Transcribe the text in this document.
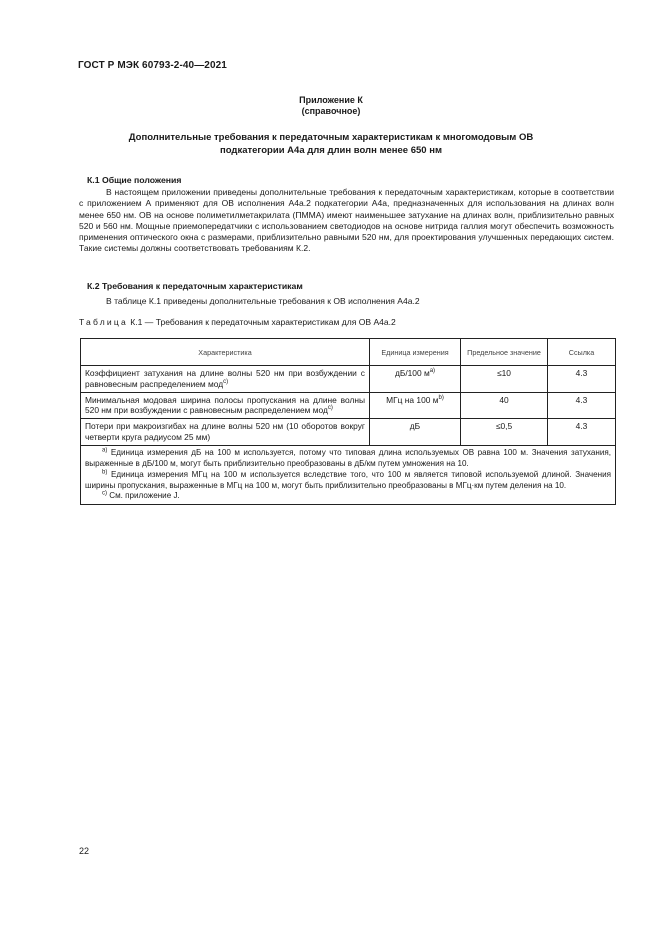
ГОСТ Р МЭК 60793-2-40—2021
Приложение К
(справочное)
Дополнительные требования к передаточным характеристикам к многомодовым ОВ
подкатегории А4а для длин волн менее 650 нм
К.1 Общие положения
В настоящем приложении приведены дополнительные требования к передаточным характеристикам, которые в соответствии с приложением А применяют для ОВ исполнения А4а.2 подкатегории А4а, предназначенных для использования на длинах волн менее 650 нм. ОВ на основе полиметилметакрилата (ПММА) имеют наименьшее затухание на длинах волн, приблизительно равных 520 и 560 нм. Мощные приемопередатчики с использованием светодиодов на основе нитрида галлия могут обеспечить возможность применения оптического окна с размерами, приблизительно равными 520 нм, для проектирования улучшенных передающих систем. Такие системы должны соответствовать требованиям К.2.
К.2 Требования к передаточным характеристикам
В таблице К.1 приведены дополнительные требования к ОВ исполнения А4а.2
Таблица К.1 — Требования к передаточным характеристикам для ОВ А4а.2
Характеристика	Единица измерения	Предельное значение	Ссылка
Коэффициент затухания на длине волны 520 нм при возбуждении с равновесным распределением мод$^{с)}$	дБ/100 $м^{а)}$	≤10	4.3
Минимальная модовая ширина полосы пропускания на длине волны 520 нм при возбуждении с равновесным распределением мод$^{с)}$	МГц на 100 $м^{b)}$	40	4.3
Потери при макроизгибах на длине волны 520 нм (10 оборотов вокруг четверти круга радиусом 25 мм)	дБ	≤0,5	4.3

$^{a)}$ Единица измерения дБ на 100 м используется, потому что типовая длина используемых ОВ равна 100 м. Значения затухания, выраженные в дБ/100 м, могут быть приблизительно преобразованы в дБ/км путем умножения на 10.
$^{b)}$ Единица измерения МГц на 100 м используется вследствие того, что 100 м является типовой используемой длиной. Значения ширины пропускания, выраженные в МГц на 100 м, могут быть приблизительно преобразованы в МГц·км путем деления на 10.
$^{c)}$ См. приложение J.			
22
